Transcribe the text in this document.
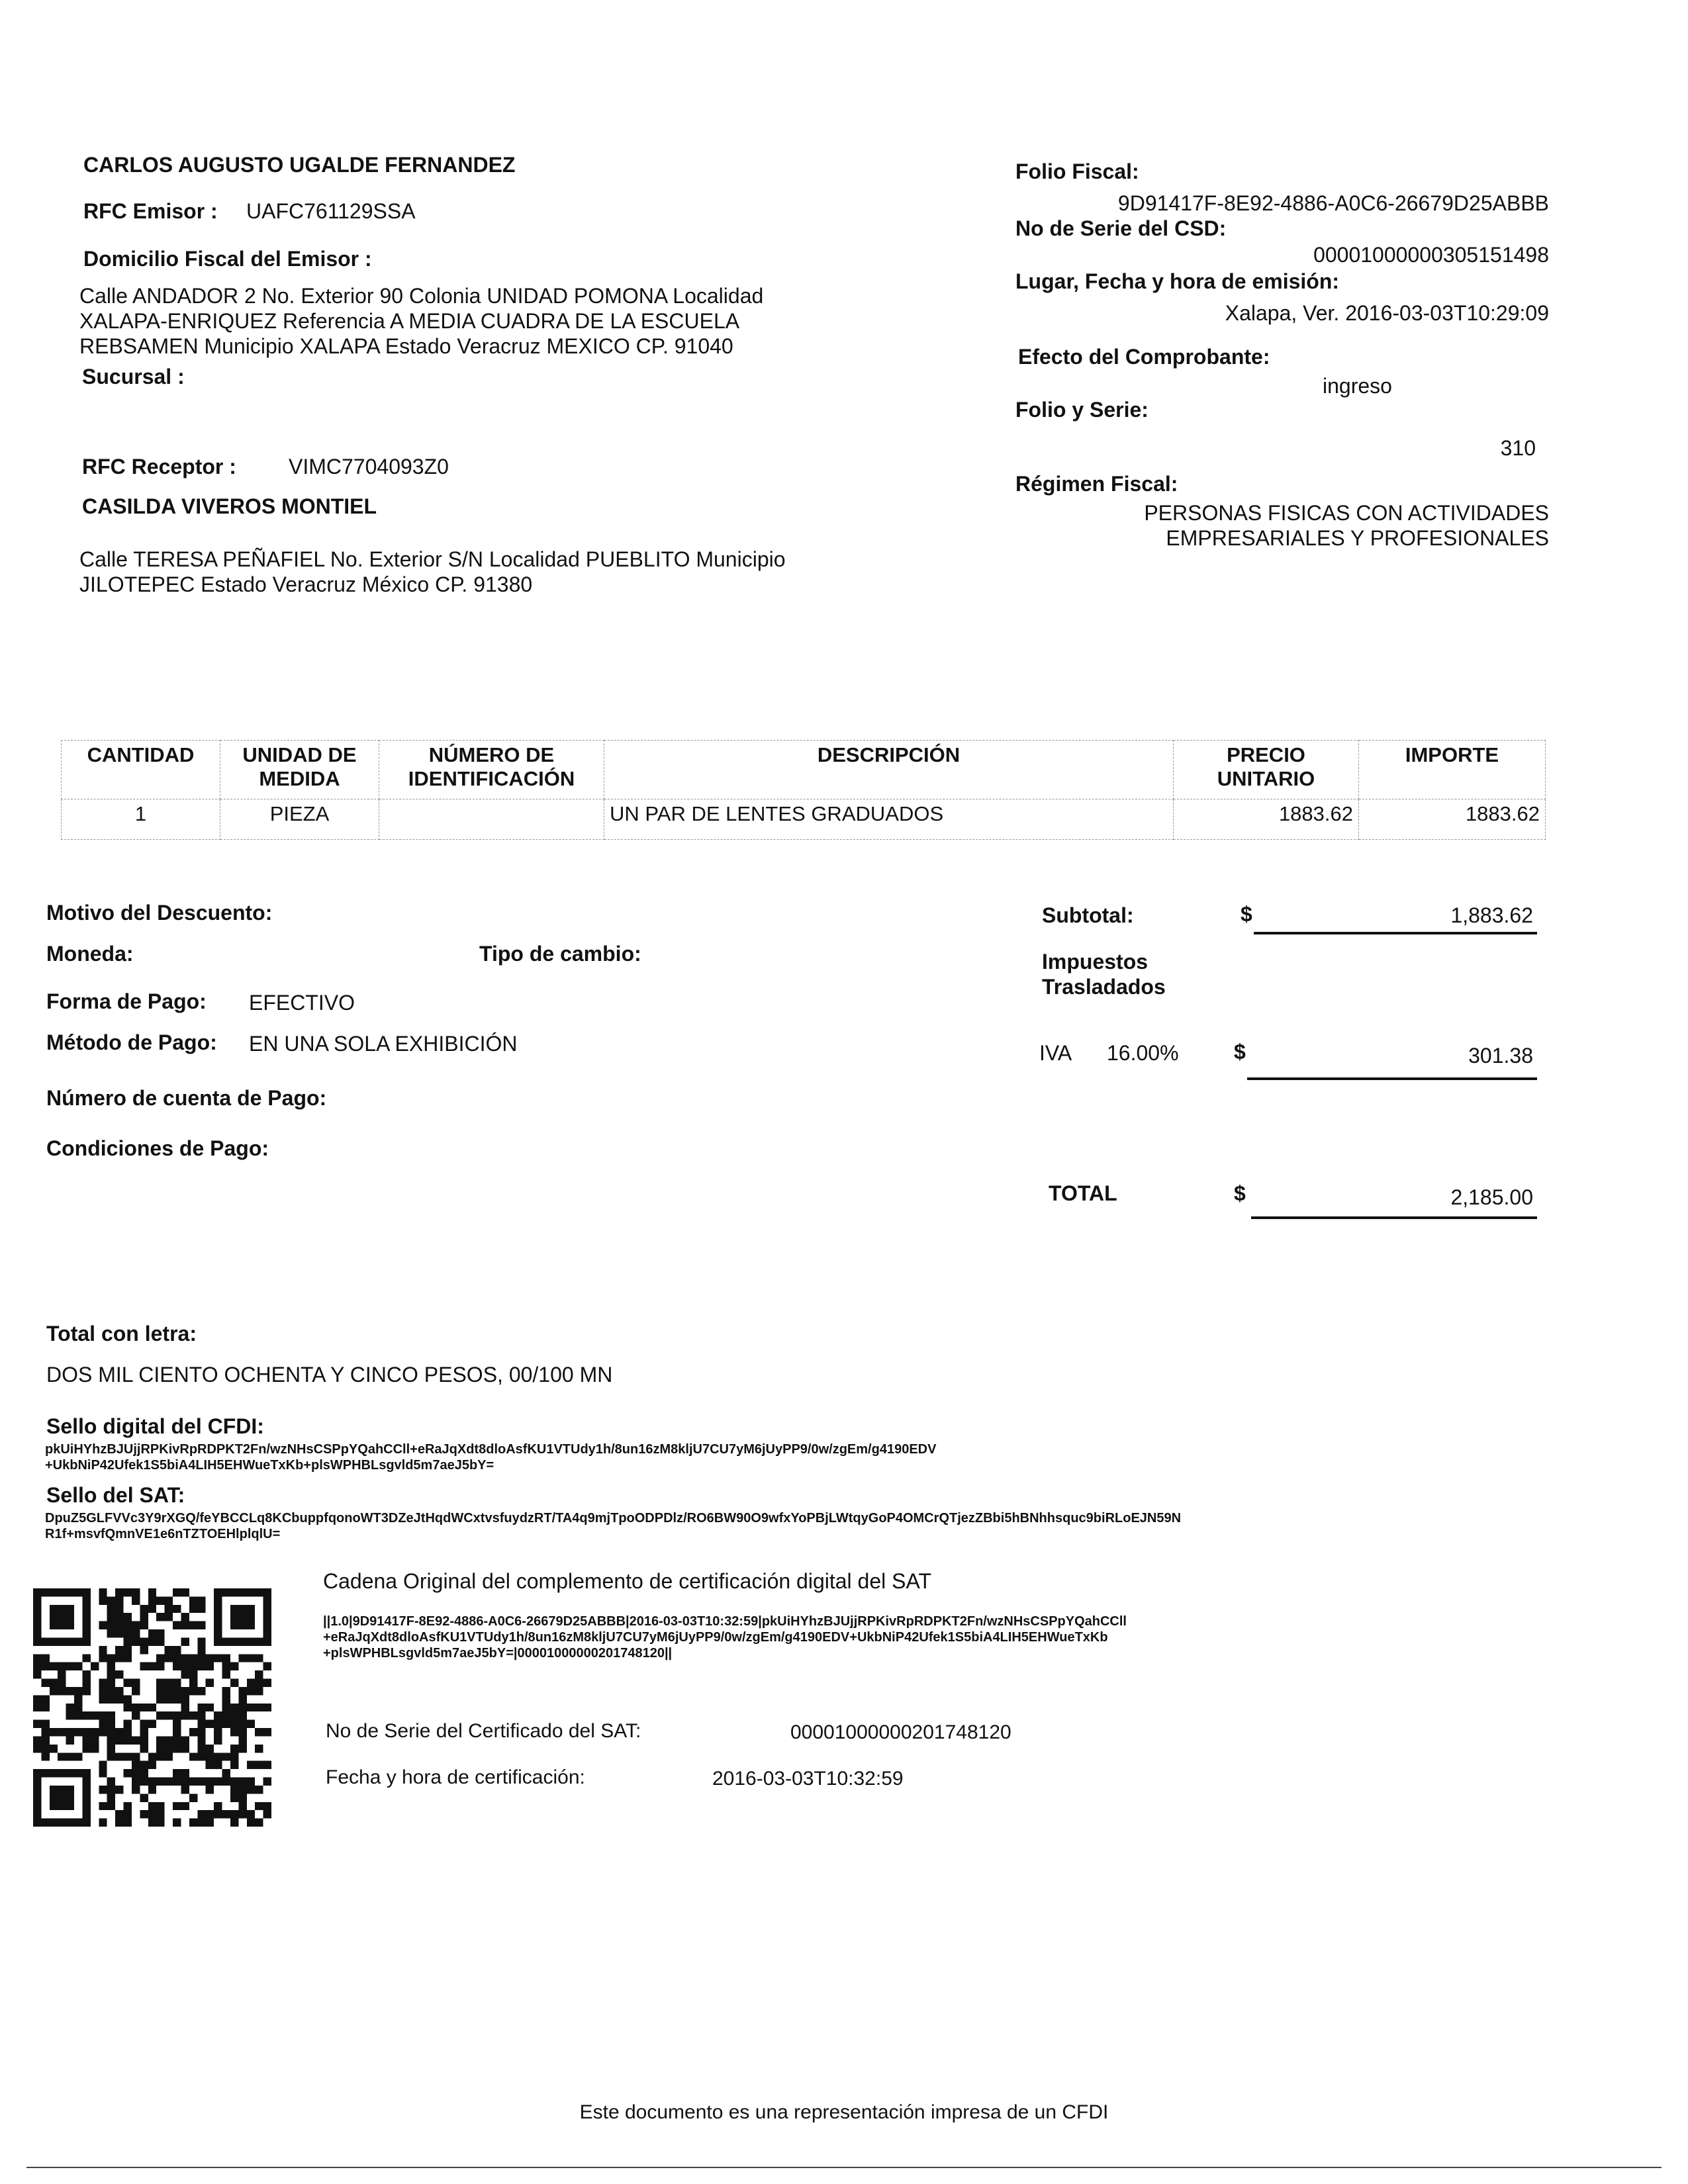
CARLOS AUGUSTO UGALDE FERNANDEZ
RFC Emisor : UAFC761129SSA
Domicilio Fiscal del Emisor :
Calle ANDADOR 2 No. Exterior 90 Colonia UNIDAD POMONA Localidad
XALAPA-ENRIQUEZ Referencia A MEDIA CUADRA DE LA ESCUELA
REBSAMEN Municipio XALAPA Estado Veracruz MEXICO CP. 91040
Sucursal :
RFC Receptor : VIMC7704093Z0
CASILDA VIVEROS MONTIEL
Calle TERESA PEÑAFIEL No. Exterior S/N Localidad PUEBLITO Municipio
JILOTEPEC Estado Veracruz México CP. 91380
Folio Fiscal:
9D91417F-8E92-4886-A0C6-26679D25ABBB
No de Serie del CSD:
00001000000305151498
Lugar, Fecha y hora de emisión:
Xalapa, Ver. 2016-03-03T10:29:09
Efecto del Comprobante:
ingreso
Folio y Serie:
310
Régimen Fiscal:
PERSONAS FISICAS CON ACTIVIDADES
EMPRESARIALES Y PROFESIONALES
CANTIDAD	UNIDAD DE MEDIDA	NÚMERO DE IDENTIFICACIÓN	DESCRIPCIÓN	PRECIO UNITARIO	IMPORTE
1	PIEZA		UN PAR DE LENTES GRADUADOS	1883.62	1883.62
Motivo del Descuento:
Moneda:	Tipo de cambio:
Forma de Pago: EFECTIVO
Método de Pago: EN UNA SOLA EXHIBICIÓN
Número de cuenta de Pago:
Condiciones de Pago:
Subtotal:	$	1,883.62
Impuestos
Trasladados
IVA 16.00%	$	301.38
TOTAL	$	2,185.00
Total con letra:
DOS MIL CIENTO OCHENTA Y CINCO PESOS, 00/100 MN
Sello digital del CFDI:
pkUiHYhzBJUjjRPKivRpRDPKT2Fn/wzNHsCSPpYQahCCll+eRaJqXdt8dloAsfKU1VTUdy1h/8un16zM8kljU7CU7yM6jUyPP9/0w/zgEm/g4190EDV
+UkbNiP42Ufek1S5biA4LIH5EHWueTxKb+plsWPHBLsgvld5m7aeJ5bY=
Sello del SAT:
DpuZ5GLFVVc3Y9rXGQ/feYBCCLq8KCbuppfqonoWT3DZeJtHqdWCxtvsfuydzRT/TA4q9mjTpoODPDlz/RO6BW90O9wfxYoPBjLWtqyGoP4OMCrQTjezZBbi5hBNhhsquc9biRLoEJN59N
R1f+msvfQmnVE1e6nTZTOEHlplqlU=
Cadena Original del complemento de certificación digital del SAT
||1.0|9D91417F-8E92-4886-A0C6-26679D25ABBB|2016-03-03T10:32:59|pkUiHYhzBJUjjRPKivRpRDPKT2Fn/wzNHsCSPpYQahCCll
+eRaJqXdt8dloAsfKU1VTUdy1h/8un16zM8kljU7CU7yM6jUyPP9/0w/zgEm/g4190EDV+UkbNiP42Ufek1S5biA4LIH5EHWueTxKb
+plsWPHBLsgvld5m7aeJ5bY=|00001000000201748120||
No de Serie del Certificado del SAT:	00001000000201748120
Fecha y hora de certificación:	2016-03-03T10:32:59
Este documento es una representación impresa de un CFDI
